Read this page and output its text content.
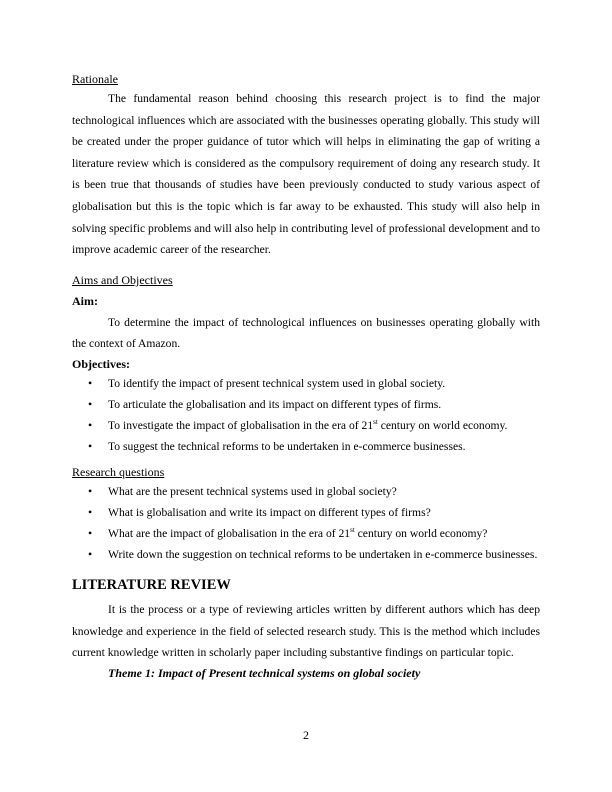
Rationale

The fundamental reason behind choosing this research project is to find the major technological influences which are associated with the businesses operating globally. This study will be created under the proper guidance of tutor which will helps in eliminating the gap of writing a literature review which is considered as the compulsory requirement of doing any research study. It is been true that thousands of studies have been previously conducted to study various aspect of globalisation but this is the topic which is far away to be exhausted. This study will also help in solving specific problems and will also help in contributing level of professional development and to improve academic career of the researcher.

Aims and Objectives

Aim:

To determine the impact of technological influences on businesses operating globally with the context of Amazon.

Objectives:

• To identify the impact of present technical system used in global society.
• To articulate the globalisation and its impact on different types of firms.
• To investigate the impact of globalisation in the era of 21st century on world economy.
• To suggest the technical reforms to be undertaken in e-commerce businesses.

Research questions

• What are the present technical systems used in global society?
• What is globalisation and write its impact on different types of firms?
• What are the impact of globalisation in the era of 21st century on world economy?
• Write down the suggestion on technical reforms to be undertaken in e-commerce businesses.

LITERATURE REVIEW

It is the process or a type of reviewing articles written by different authors which has deep knowledge and experience in the field of selected research study. This is the method which includes current knowledge written in scholarly paper including substantive findings on particular topic.

Theme 1: Impact of Present technical systems on global society

2
